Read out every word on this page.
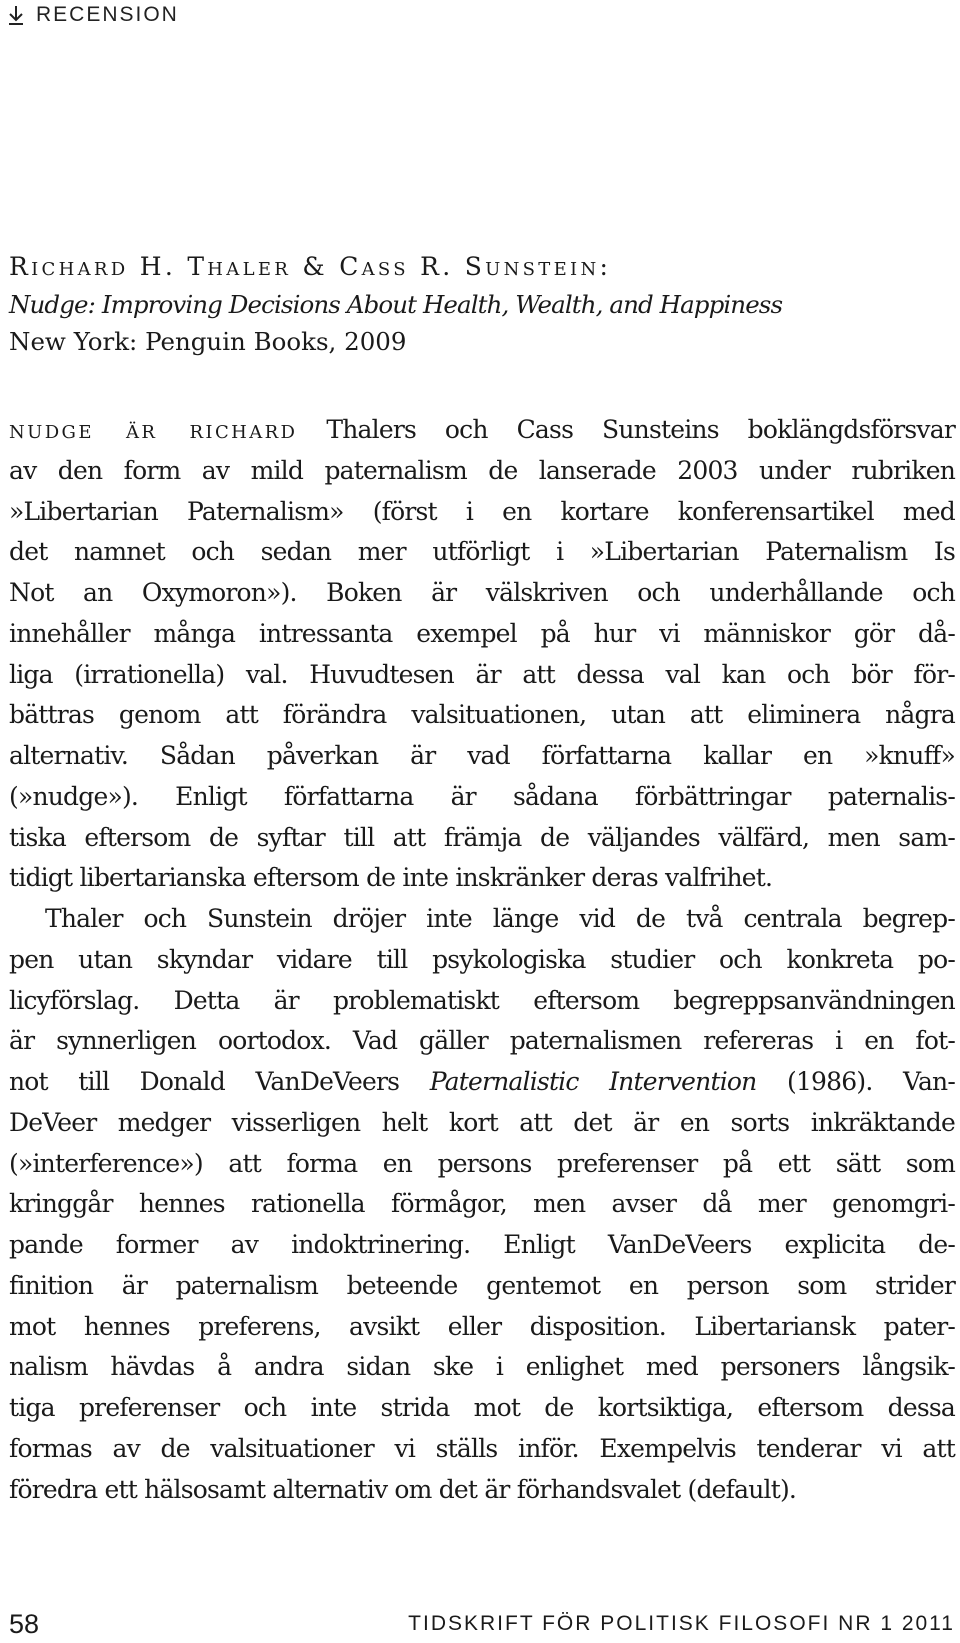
RECENSION
Richard H. Thaler & Cass R. Sunstein:
Nudge: Improving Decisions About Health, Wealth, and Happiness
New York: Penguin Books, 2009
nudge är richard Thalers och Cass Sunsteins boklängdsförsvar
av den form av mild paternalism de lanserade 2003 under rubriken
»Libertarian Paternalism» (först i en kortare konferensartikel med
det namnet och sedan mer utförligt i »Libertarian Paternalism Is
Not an Oxymoron»). Boken är välskriven och underhållande och
innehåller många intressanta exempel på hur vi människor gör då-
liga (irrationella) val. Huvudtesen är att dessa val kan och bör för-
bättras genom att förändra valsituationen, utan att eliminera några
alternativ. Sådan påverkan är vad författarna kallar en »knuff»
(»nudge»). Enligt författarna är sådana förbättringar paternalis-
tiska eftersom de syftar till att främja de väljandes välfärd, men sam-
tidigt libertarianska eftersom de inte inskränker deras valfrihet.
Thaler och Sunstein dröjer inte länge vid de två centrala begrep-
pen utan skyndar vidare till psykologiska studier och konkreta po-
licyförslag. Detta är problematiskt eftersom begreppsanvändningen
är synnerligen oortodox. Vad gäller paternalismen refereras i en fot-
not till Donald VanDeVeers Paternalistic Intervention (1986). Van-
DeVeer medger visserligen helt kort att det är en sorts inkräktande
(»interference») att forma en persons preferenser på ett sätt som
kringgår hennes rationella förmågor, men avser då mer genomgri-
pande former av indoktrinering. Enligt VanDeVeers explicita de-
finition är paternalism beteende gentemot en person som strider
mot hennes preferens, avsikt eller disposition. Libertariansk pater-
nalism hävdas å andra sidan ske i enlighet med personers långsik-
tiga preferenser och inte strida mot de kortsiktiga, eftersom dessa
formas av de valsituationer vi ställs inför. Exempelvis tenderar vi att
föredra ett hälsosamt alternativ om det är förhandsvalet (default).
58	TIDSKRIFT FÖR POLITISK FILOSOFI NR 1 2011
